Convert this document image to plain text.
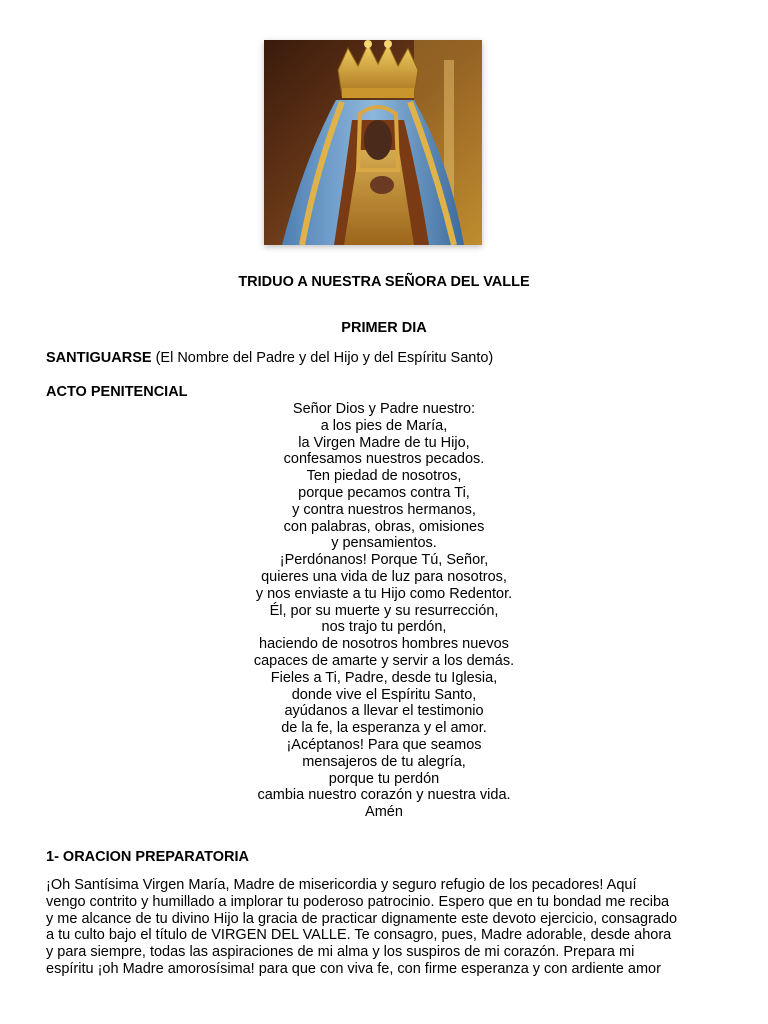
TRIDUO A NUESTRA SEÑORA DEL VALLE
PRIMER DIA
SANTIGUARSE (El Nombre del Padre y del Hijo y del Espíritu Santo)
ACTO PENITENCIAL
Señor Dios y Padre nuestro:
a los pies de María,
la Virgen Madre de tu Hijo,
confesamos nuestros pecados.
Ten piedad de nosotros,
porque pecamos contra Ti,
y contra nuestros hermanos,
con palabras, obras, omisiones
y pensamientos.
¡Perdónanos! Porque Tú, Señor,
quieres una vida de luz para nosotros,
y nos enviaste a tu Hijo como Redentor.
Él, por su muerte y su resurrección,
nos trajo tu perdón,
haciendo de nosotros hombres nuevos
capaces de amarte y servir a los demás.
Fieles a Ti, Padre, desde tu Iglesia,
donde vive el Espíritu Santo,
ayúdanos a llevar el testimonio
de la fe, la esperanza y el amor.
¡Acéptanos! Para que seamos
mensajeros de tu alegría,
porque tu perdón
cambia nuestro corazón y nuestra vida.
Amén
1- ORACION PREPARATORIA
¡Oh Santísima Virgen María, Madre de misericordia y seguro refugio de los pecadores! Aquí
vengo contrito y humillado a implorar tu poderoso patrocinio. Espero que en tu bondad me reciba
y me alcance de tu divino Hijo la gracia de practicar dignamente este devoto ejercicio, consagrado
a tu culto bajo el título de VIRGEN DEL VALLE. Te consagro, pues, Madre adorable, desde ahora
y para siempre, todas las aspiraciones de mi alma y los suspiros de mi corazón. Prepara mi
espíritu ¡oh Madre amorosísima! para que con viva fe, con firme esperanza y con ardiente amor
